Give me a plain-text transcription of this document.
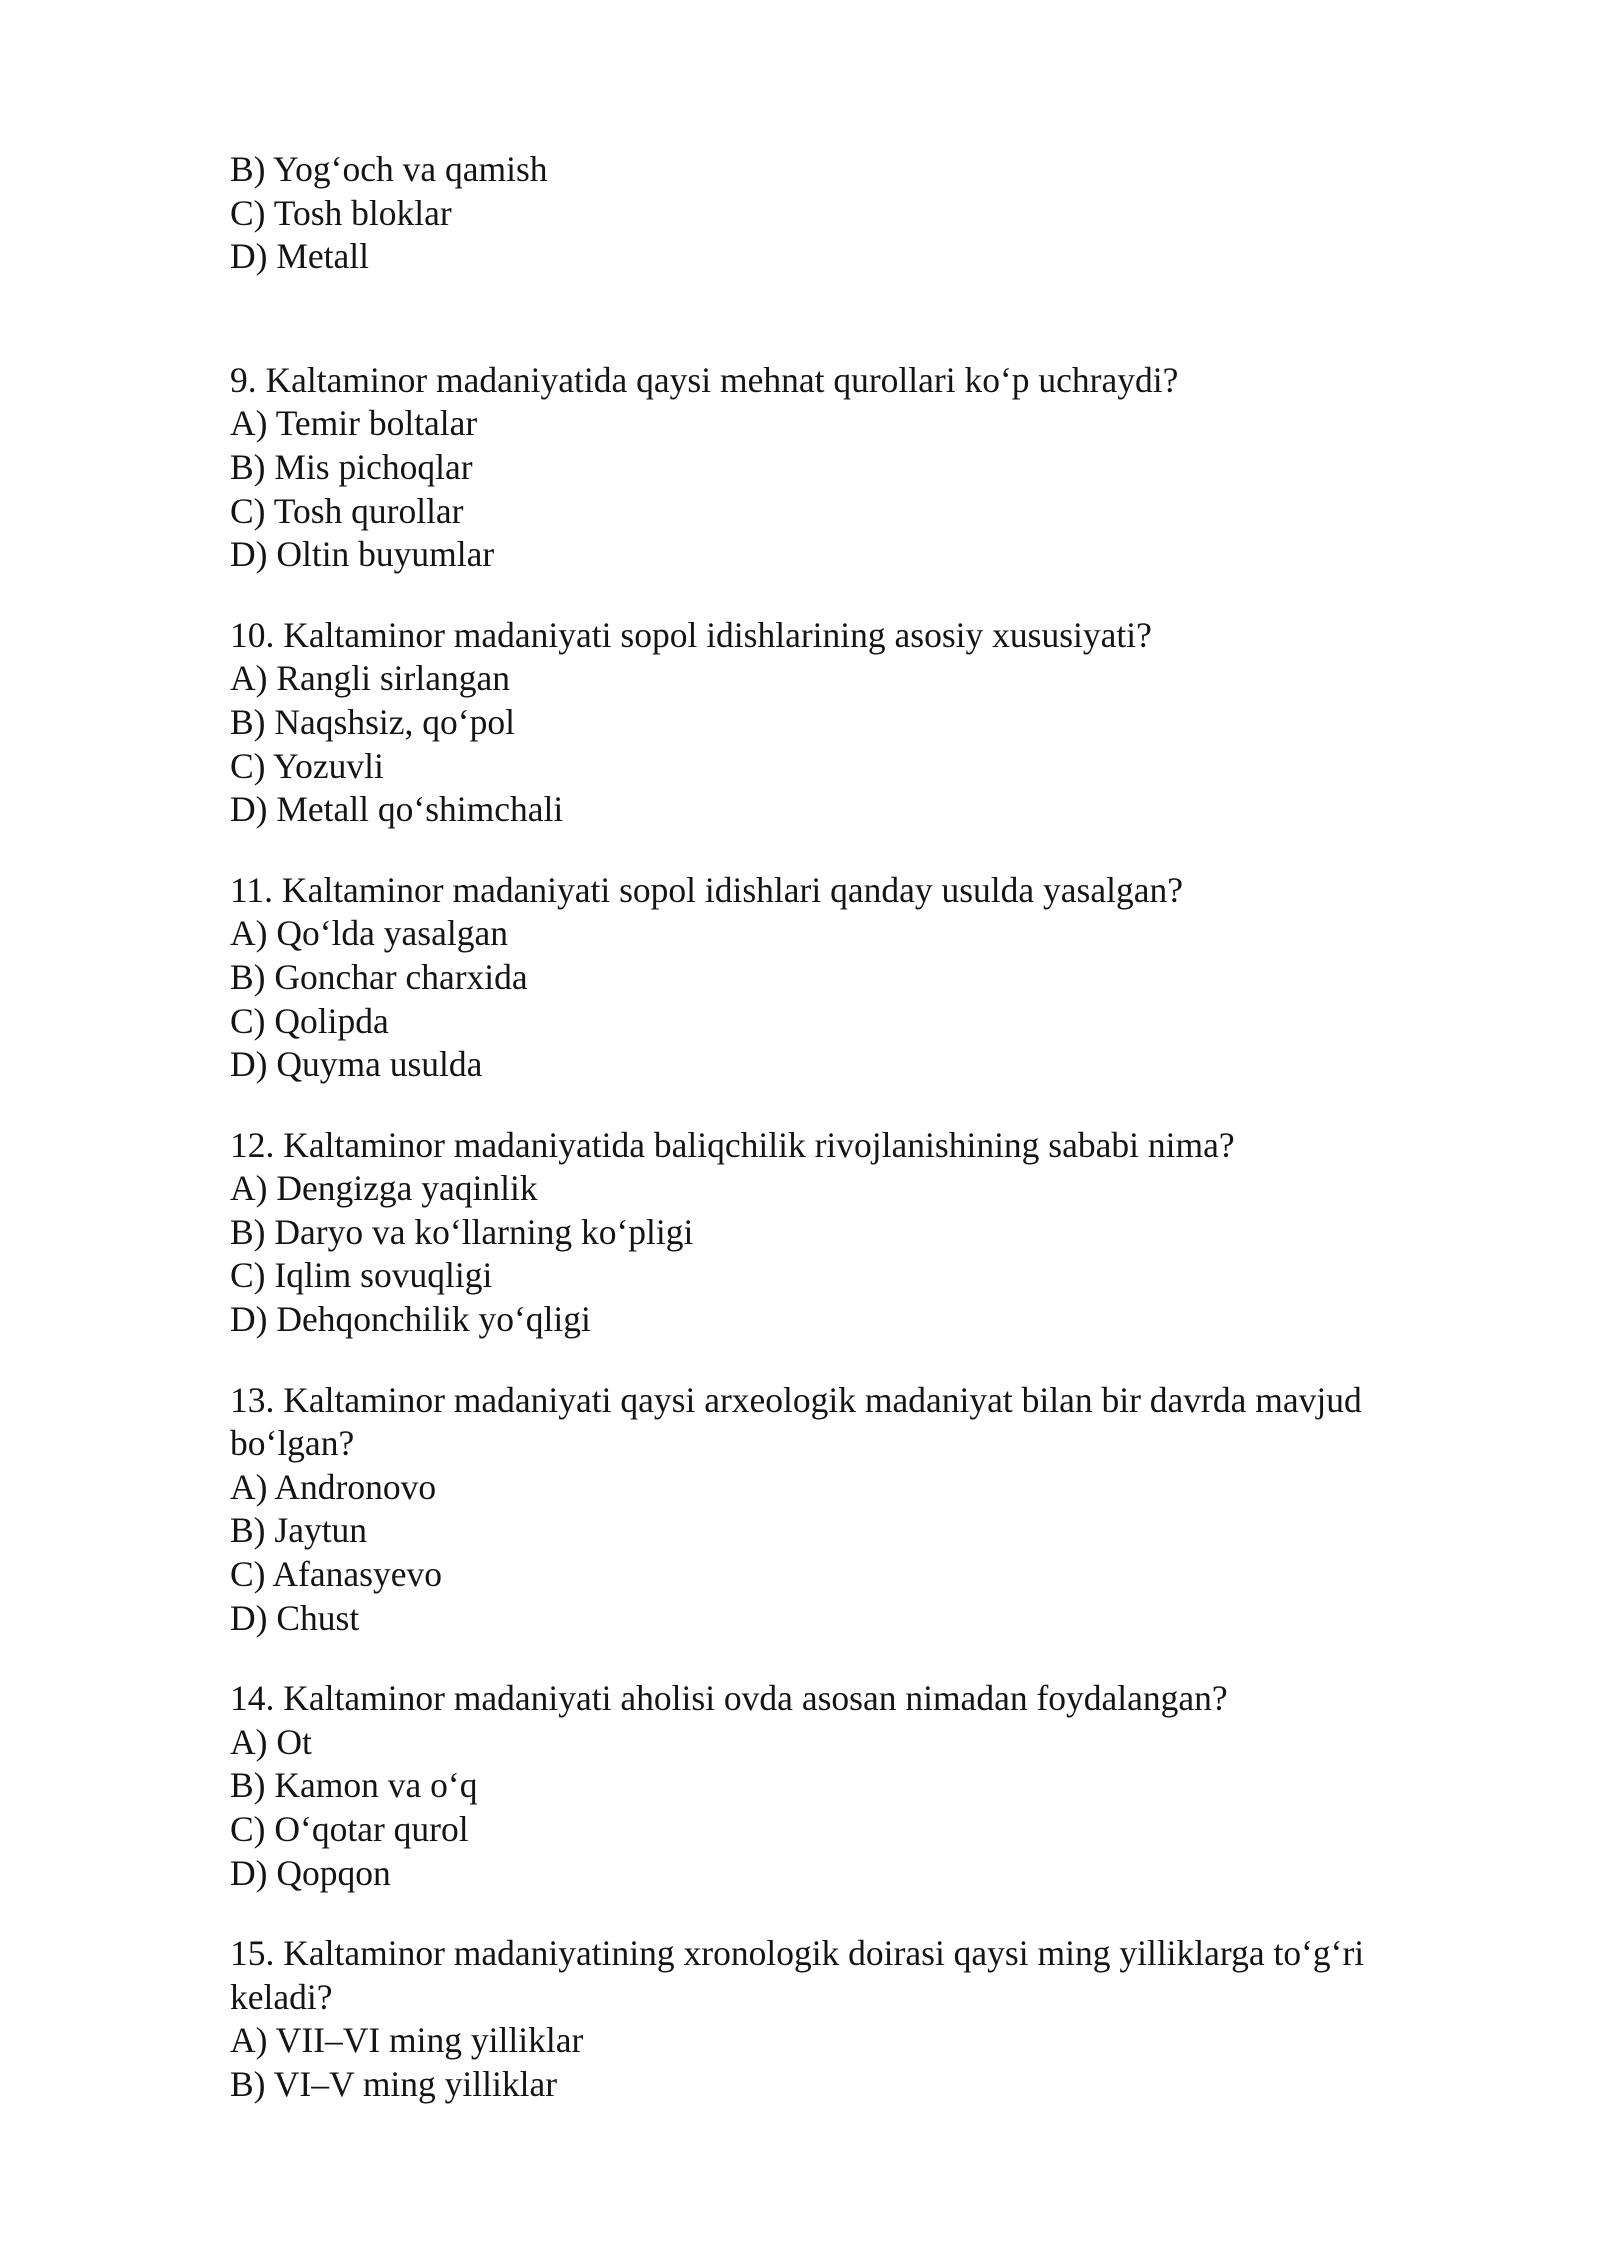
B) Yog‘och va qamish
C) Tosh bloklar
D) Metall
9. Kaltaminor madaniyatida qaysi mehnat qurollari ko‘p uchraydi?
A) Temir boltalar
B) Mis pichoqlar
C) Tosh qurollar
D) Oltin buyumlar
10. Kaltaminor madaniyati sopol idishlarining asosiy xususiyati?
A) Rangli sirlangan
B) Naqshsiz, qo‘pol
C) Yozuvli
D) Metall qo‘shimchali
11. Kaltaminor madaniyati sopol idishlari qanday usulda yasalgan?
A) Qo‘lda yasalgan
B) Gonchar charxida
C) Qolipda
D) Quyma usulda
12. Kaltaminor madaniyatida baliqchilik rivojlanishining sababi nima?
A) Dengizga yaqinlik
B) Daryo va ko‘llarning ko‘pligi
C) Iqlim sovuqligi
D) Dehqonchilik yo‘qligi
13. Kaltaminor madaniyati qaysi arxeologik madaniyat bilan bir davrda mavjud bo‘lgan?
A) Andronovo
B) Jaytun
C) Afanasyevo
D) Chust
14. Kaltaminor madaniyati aholisi ovda asosan nimadan foydalangan?
A) Ot
B) Kamon va o‘q
C) O‘qotar qurol
D) Qopqon
15. Kaltaminor madaniyatining xronologik doirasi qaysi ming yilliklarga to‘g‘ri keladi?
A) VII–VI ming yilliklar
B) VI–V ming yilliklar
